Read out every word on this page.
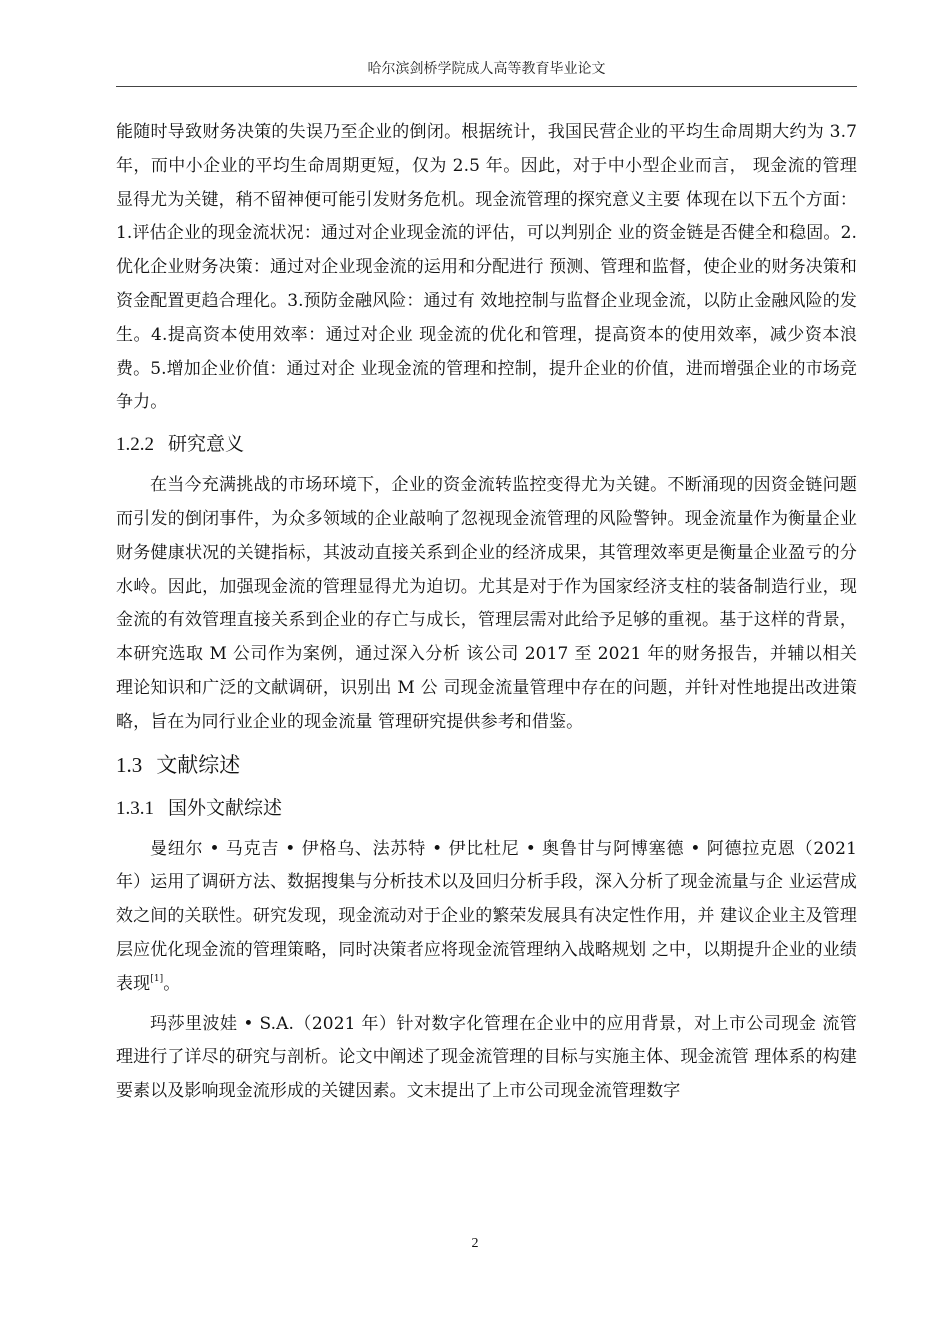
哈尔滨剑桥学院成人高等教育毕业论文

能随时导致财务决策的失误乃至企业的倒闭。根据统计，我国民营企业的平均生命周期大约为 3.7 年，而中小企业的平均生命周期更短，仅为 2.5 年。因此，对于中小型企业而言， 现金流的管理显得尤为关键，稍不留神便可能引发财务危机。现金流管理的探究意义主要 体现在以下五个方面：1.评估企业的现金流状况：通过对企业现金流的评估，可以判别企 业的资金链是否健全和稳固。2.优化企业财务决策：通过对企业现金流的运用和分配进行 预测、管理和监督，使企业的财务决策和资金配置更趋合理化。3.预防金融风险：通过有 效地控制与监督企业现金流，以防止金融风险的发生。4.提高资本使用效率：通过对企业 现金流的优化和管理，提高资本的使用效率，减少资本浪费。5.增加企业价值：通过对企 业现金流的管理和控制，提升企业的价值，进而增强企业的市场竞争力。

1.2.2 研究意义

在当今充满挑战的市场环境下，企业的资金流转监控变得尤为关键。不断涌现的因资金链问题而引发的倒闭事件，为众多领域的企业敲响了忽视现金流管理的风险警钟。现金流量作为衡量企业财务健康状况的关键指标，其波动直接关系到企业的经济成果，其管理效率更是衡量企业盈亏的分水岭。因此，加强现金流的管理显得尤为迫切。尤其是对于作为国家经济支柱的装备制造行业，现金流的有效管理直接关系到企业的存亡与成长，管理层需对此给予足够的重视。基于这样的背景，本研究选取 M 公司作为案例，通过深入分析 该公司 2017 至 2021 年的财务报告，并辅以相关理论知识和广泛的文献调研，识别出 M 公 司现金流量管理中存在的问题，并针对性地提出改进策略，旨在为同行业企业的现金流量 管理研究提供参考和借鉴。

1.3 文献综述
1.3.1 国外文献综述

曼纽尔 • 马克吉 • 伊格乌、法苏特 • 伊比杜尼 • 奥鲁甘与阿博塞德 • 阿德拉克恩（2021 年）运用了调研方法、数据搜集与分析技术以及回归分析手段，深入分析了现金流量与企 业运营成效之间的关联性。研究发现，现金流动对于企业的繁荣发展具有决定性作用，并 建议企业主及管理层应优化现金流的管理策略，同时决策者应将现金流管理纳入战略规划 之中，以期提升企业的业绩表现[1]。

玛莎里波娃 • S.A.（2021 年）针对数字化管理在企业中的应用背景，对上市公司现金 流管理进行了详尽的研究与剖析。论文中阐述了现金流管理的目标与实施主体、现金流管 理体系的构建要素以及影响现金流形成的关键因素。文末提出了上市公司现金流管理数字

2
